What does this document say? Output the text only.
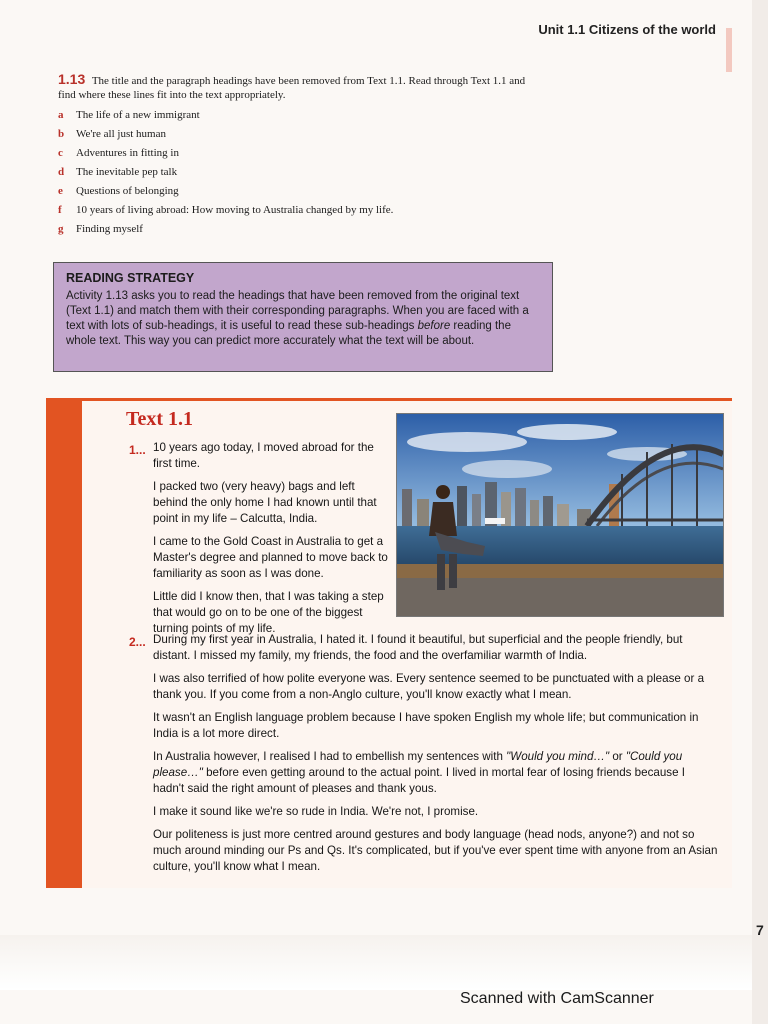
Unit 1.1 Citizens of the world
1.13 The title and the paragraph headings have been removed from Text 1.1. Read through Text 1.1 and find where these lines fit into the text appropriately.
a	The life of a new immigrant
b	We're all just human
c	Adventures in fitting in
d	The inevitable pep talk
e	Questions of belonging
f	10 years of living abroad: How moving to Australia changed by my life.
g	Finding myself
READING STRATEGY
Activity 1.13 asks you to read the headings that have been removed from the original text (Text 1.1) and match them with their corresponding paragraphs. When you are faced with a text with lots of sub-headings, it is useful to read these sub-headings before reading the whole text. This way you can predict more accurately what the text will be about.
Text 1.1
1... 10 years ago today, I moved abroad for the first time.

I packed two (very heavy) bags and left behind the only home I had known until that point in my life – Calcutta, India.

I came to the Gold Coast in Australia to get a Master's degree and planned to move back to familiarity as soon as I was done.

Little did I know then, that I was taking a step that would go on to be one of the biggest turning points of my life.

2... During my first year in Australia, I hated it. I found it beautiful, but superficial and the people friendly, but distant. I missed my family, my friends, the food and the overfamiliar warmth of India.

I was also terrified of how polite everyone was. Every sentence seemed to be punctuated with a please or a thank you. If you come from a non-Anglo culture, you'll know exactly what I mean.

It wasn't an English language problem because I have spoken English my whole life; but communication in India is a lot more direct.

In Australia however, I realised I had to embellish my sentences with "Would you mind…" or "Could you please…" before even getting around to the actual point. I lived in mortal fear of losing friends because I hadn't said the right amount of pleases and thank yous.

I make it sound like we're so rude in India. We're not, I promise.

Our politeness is just more centred around gestures and body language (head nods, anyone?) and not so much around minding our Ps and Qs. It's complicated, but if you've ever spent time with anyone from an Asian culture, you'll know what I mean.

7
Scanned with CamScanner
